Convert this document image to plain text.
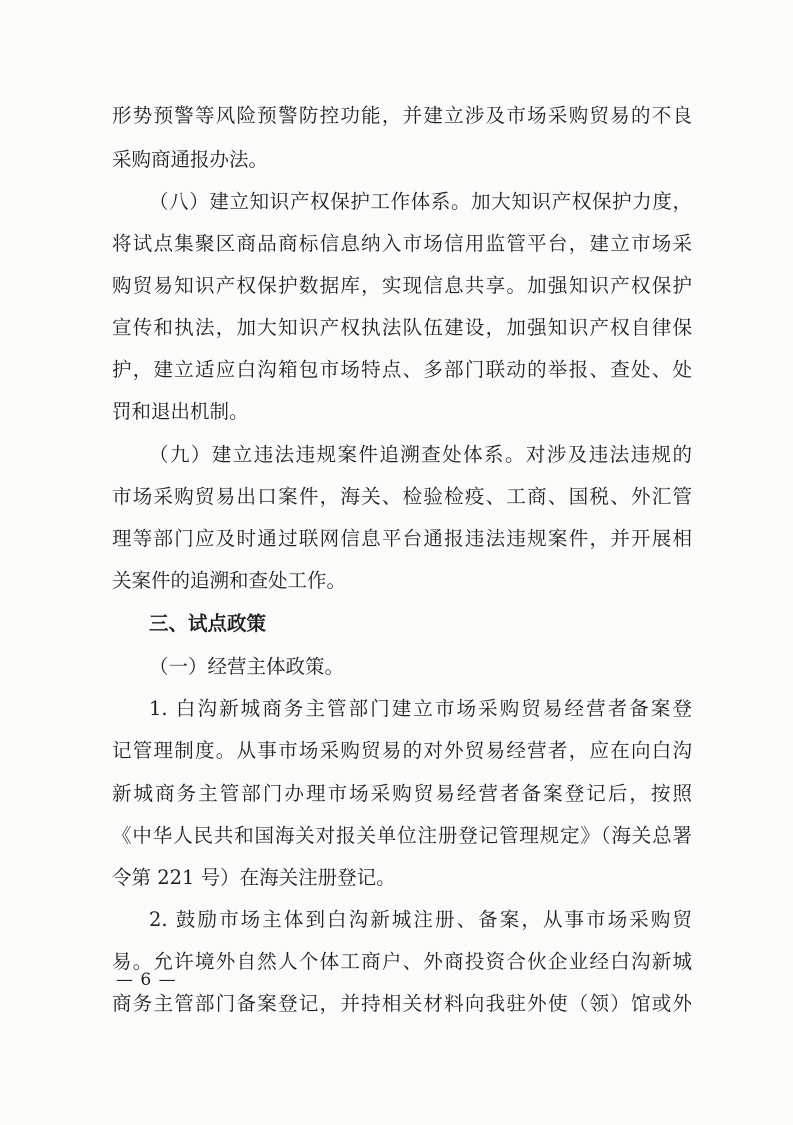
形势预警等风险预警防控功能，并建立涉及市场采购贸易的不良
采购商通报办法。
（八）建立知识产权保护工作体系。加大知识产权保护力度，
将试点集聚区商品商标信息纳入市场信用监管平台，建立市场采
购贸易知识产权保护数据库，实现信息共享。加强知识产权保护
宣传和执法，加大知识产权执法队伍建设，加强知识产权自律保
护，建立适应白沟箱包市场特点、多部门联动的举报、查处、处
罚和退出机制。
（九）建立违法违规案件追溯查处体系。对涉及违法违规的
市场采购贸易出口案件，海关、检验检疫、工商、国税、外汇管
理等部门应及时通过联网信息平台通报违法违规案件，并开展相
关案件的追溯和查处工作。
三、试点政策
（一）经营主体政策。
1. 白沟新城商务主管部门建立市场采购贸易经营者备案登
记管理制度。从事市场采购贸易的对外贸易经营者，应在向白沟
新城商务主管部门办理市场采购贸易经营者备案登记后，按照
《中华人民共和国海关对报关单位注册登记管理规定》（海关总署
令第 221 号）在海关注册登记。
2. 鼓励市场主体到白沟新城注册、备案，从事市场采购贸
易。允许境外自然人个体工商户、外商投资合伙企业经白沟新城
商务主管部门备案登记，并持相关材料向我驻外使（领）馆或外
— 6 —
